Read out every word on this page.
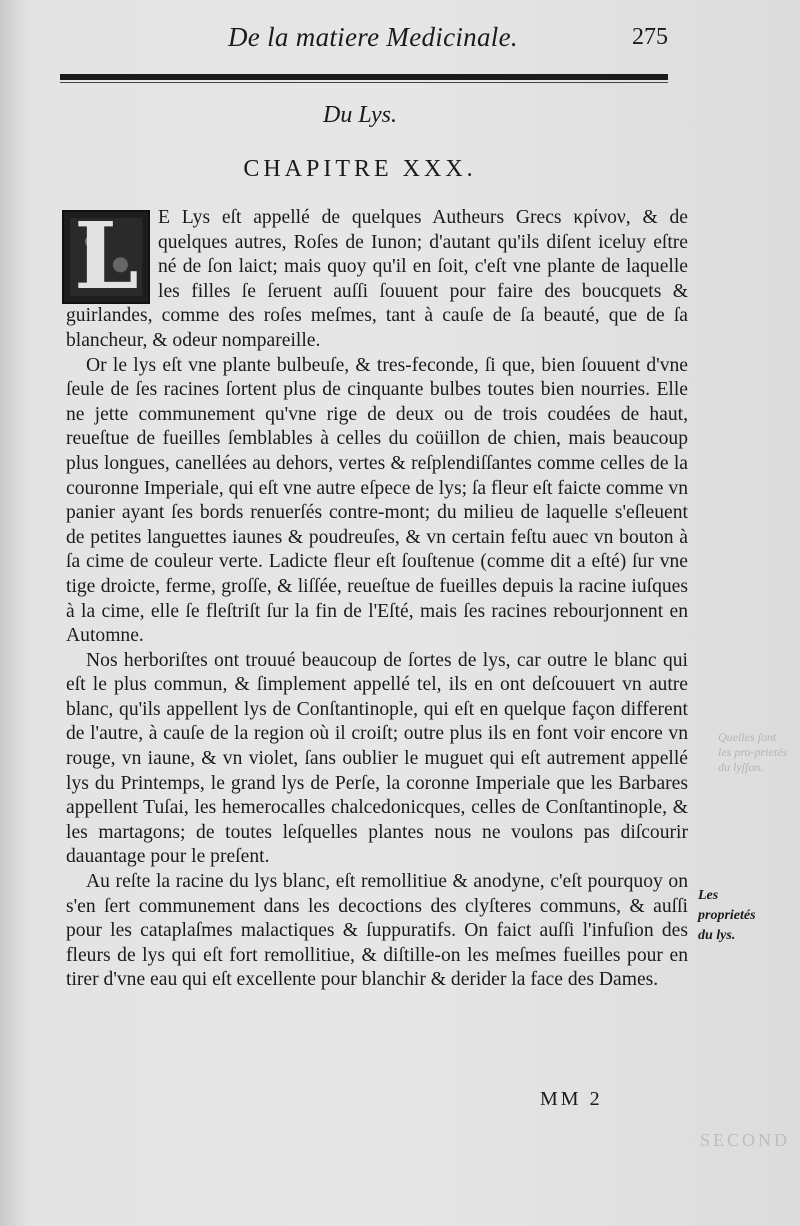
De la matiere Medicinale.	275
Du Lys.
CHAPITRE XXX.

L E Lys eſt appellé de quelques Autheurs Grecs κρίνον, & de quelques autres, Roſes de Iunon; d'autant qu'ils diſent iceluy eſtre né de ſon laict; mais quoy qu'il en ſoit, c'eſt vne plante de laquelle les filles ſe ſeruent auſſi ſouuent pour faire des boucquets & guirlandes, comme des roſes meſmes, tant à cauſe de ſa beauté, que de ſa blancheur, & odeur nompareille.

Or le lys eſt vne plante bulbeuſe, & tres-feconde, ſi que, bien ſouuent d'vne ſeule de ſes racines ſortent plus de cinquante bulbes toutes bien nourries. Elle ne jette communement qu'vne rige de deux ou de trois coudées de haut, reueſtue de fueilles ſemblables à celles du coüillon de chien, mais beaucoup plus longues, canellées au dehors, vertes & reſplendiſſantes comme celles de la couronne Imperiale, qui eſt vne autre eſpece de lys; ſa fleur eſt faicte comme vn panier ayant ſes bords renuerſés contre-mont; du milieu de laquelle s'eſleuent de petites languettes iaunes & poudreuſes, & vn certain feſtu auec vn bouton à ſa cime de couleur verte. Ladicte fleur eſt ſouſtenue (comme dit a eſté) ſur vne tige droicte, ferme, groſſe, & liſſée, reueſtue de fueilles depuis la racine iuſques à la cime, elle ſe fleſtriſt ſur la fin de l'Eſté, mais ſes racines rebourjonnent en Automne.

Nos herboriſtes ont trouué beaucoup de ſortes de lys, car outre le blanc qui eſt le plus commun, & ſimplement appellé tel, ils en ont deſcouuert vn autre blanc, qu'ils appellent lys de Conſtantinople, qui eſt en quelque façon different de l'autre, à cauſe de la region où il croiſt; outre plus ils en font voir encore vn rouge, vn iaune, & vn violet, ſans oublier le muguet qui eſt autrement appellé lys du Printemps, le grand lys de Perſe, la coronne Imperiale que les Barbares appellent Tuſai, les hemerocalles chalcedonicques, celles de Conſtantinople, & les martagons; de toutes leſquelles plantes nous ne voulons pas diſcourir dauantage pour le preſent.

Au reſte la racine du lys blanc, eſt remollitiue & anodyne, c'eſt pourquoy on s'en ſert communement dans les decoctions des clyſteres communs, & auſſi pour les cataplaſmes malactiques & ſuppuratifs. On faict auſſi l'infuſion des fleurs de lys qui eſt fort remollitiue, & diſtille-on les meſmes fueilles pour en tirer d'vne eau qui eſt excellente pour blanchir & derider la face des Dames.

Les proprietés du lys.
Quelles ſont les pro-prietés du lyſſon.
SECOND
MM 2
